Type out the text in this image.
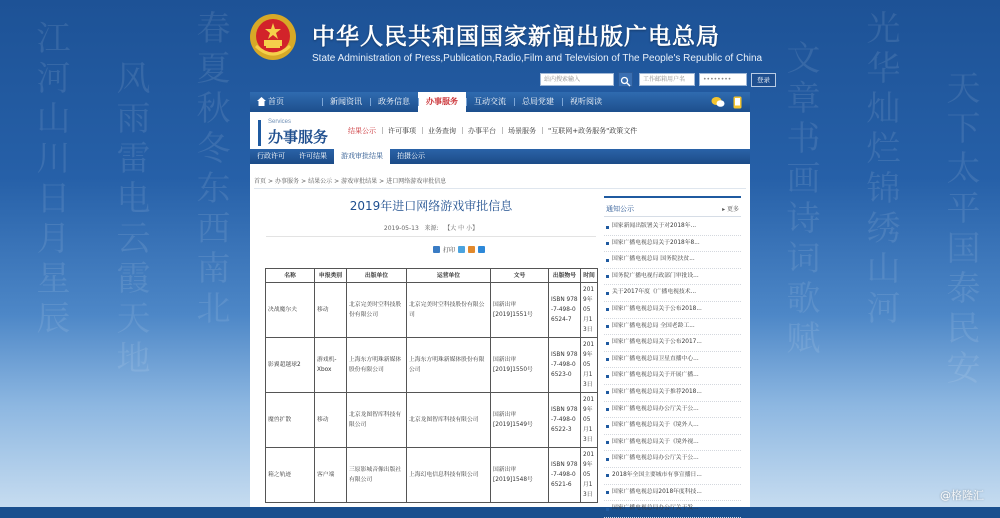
江河山川日月星辰 风雨雷电云霞天地 春夏秋冬东西南北	文章书画诗词歌赋 光华灿烂锦绣山河 天下太平国泰民安
中华人民共和国国家新闻出版广电总局
State Administration of Press,Publication,Radio,Film and Television of The People's Republic of China
站内搜索输入	工作邮箱用户名	••••••••	登录
首页	新闻资讯	政务信息	办事服务	互动交流	总局党建	视听阅读
Services
办事服务	结果公示	许可事项	业务查询	办事平台	场景服务	"互联网+政务服务"政策文件
行政许可	许可结果	游戏审批结果	拍摄公示
首页 > 办事服务 > 结果公示 > 游戏审批结果 > 进口网络游戏审批信息
2019年进口网络游戏审批信息
2019-05-13 来源: 【大 中 小】
打印
名称	申报类别	出版单位	运营单位	文号	出版物号	时间
决战魔尔夫	移动	北京完美时空科技股份有限公司	北京完美时空科技股份有限公司	国新出审[2019]1551号	ISBN 978-7-498-06524-7	2019年05月13日
影翼超越球2	游戏机-Xbox	上海东方明珠新媒体股份有限公司	上海东方明珠新媒体股份有限公司	国新出审[2019]1550号	ISBN 978-7-498-06523-0	2019年05月13日
魔兽扩散	移动	北京龙图智库科技有限公司	北京龙图智库科技有限公司	国新出审[2019]1549号	ISBN 978-7-498-06522-3	2019年05月13日
箱之轨迹	客户端	三原影城音像出版社有限公司	上海幻电信息科技有限公司	国新出审[2019]1548号	ISBN 978-7-498-06521-6	2019年05月13日
通知公示	▸ 更多
国家新闻出版署关于对2018年...
国家广播电视总局关于2018年8...
国家广播电视总局 国务院扶贫...
国务院广播电视行政部门审批设...
关于2017年度《广播电视技术...
国家广播电视总局关于公布2018...
国家广播电视总局 全国老龄工...
国家广播电视总局关于公布2017...
国家广播电视总局卫星直播中心...
国家广播电视总局关于开展广播...
国家广播电视总局关于推荐2018...
国家广播电视总局办公厅关于公...
国家广播电视总局关于《境外人...
国家广播电视总局关于《境外视...
国家广播电视总局办公厅关于公...
2018年全国主要城市有事宣播日...
国家广播电视总局2018年度科技...
国家广播电视总局办公厅关于发...
@格隆汇
